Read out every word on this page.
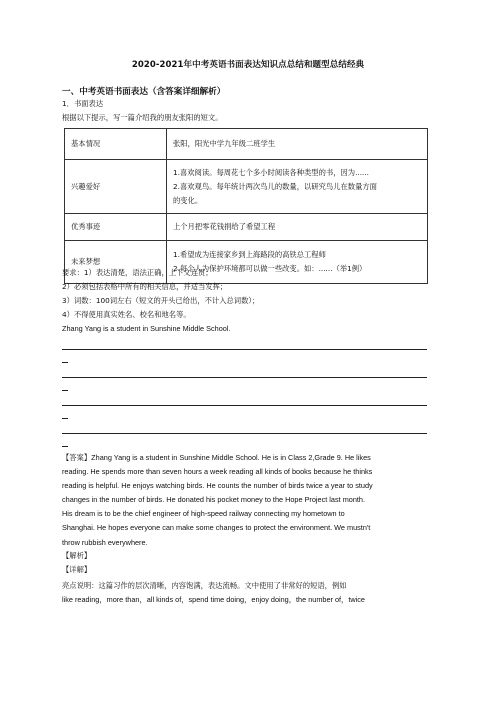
2020-2021年中考英语书面表达知识点总结和题型总结经典
一、中考英语书面表达（含答案详细解析）
1．书面表达
根据以下提示，写一篇介绍我的朋友张阳的短文。
基本情况	张阳，阳光中学九年级二班学生
兴趣爱好	1.喜欢阅读。每周花七个多小时阅读各种类型的书，因为......
2.喜欢观鸟。每年统计两次鸟儿的数量，以研究鸟儿在数量方面
的变化。

优秀事迹	上个月把零花钱捐给了希望工程
未来梦想	1.希望成为连接家乡到上海路段的高铁总工程师
2.每个人为保护环境都可以做一些改变。如：......（举1例）
要求：1）表达清楚，语法正确，上下文连贯；
2）必须包括表格中所有的相关信息，并适当发挥；
3）词数：100词左右（短文的开头已给出，不计入总词数）；
4）不得使用真实姓名、校名和地名等。
Zhang Yang is a student in Sunshine Middle School.
【答案】Zhang Yang is a student in Sunshine Middle School. He is in Class 2,Grade 9. He likes
reading. He spends more than seven hours a week reading all kinds of books because he thinks
reading is helpful. He enjoys watching birds. He counts the number of birds twice a year to study
changes in the number of birds. He donated his pocket money to the Hope Project last month.
His dream is to be the chief engineer of high-speed railway connecting my hometown to
Shanghai. He hopes everyone can make some changes to protect the environment. We mustn't
throw rubbish everywhere.
【解析】
【详解】
亮点说明：这篇习作的层次清晰，内容饱满，表达流畅。文中使用了非常好的短语，例如
like reading，more than，all kinds of，spend time doing，enjoy doing，the number of，twice
